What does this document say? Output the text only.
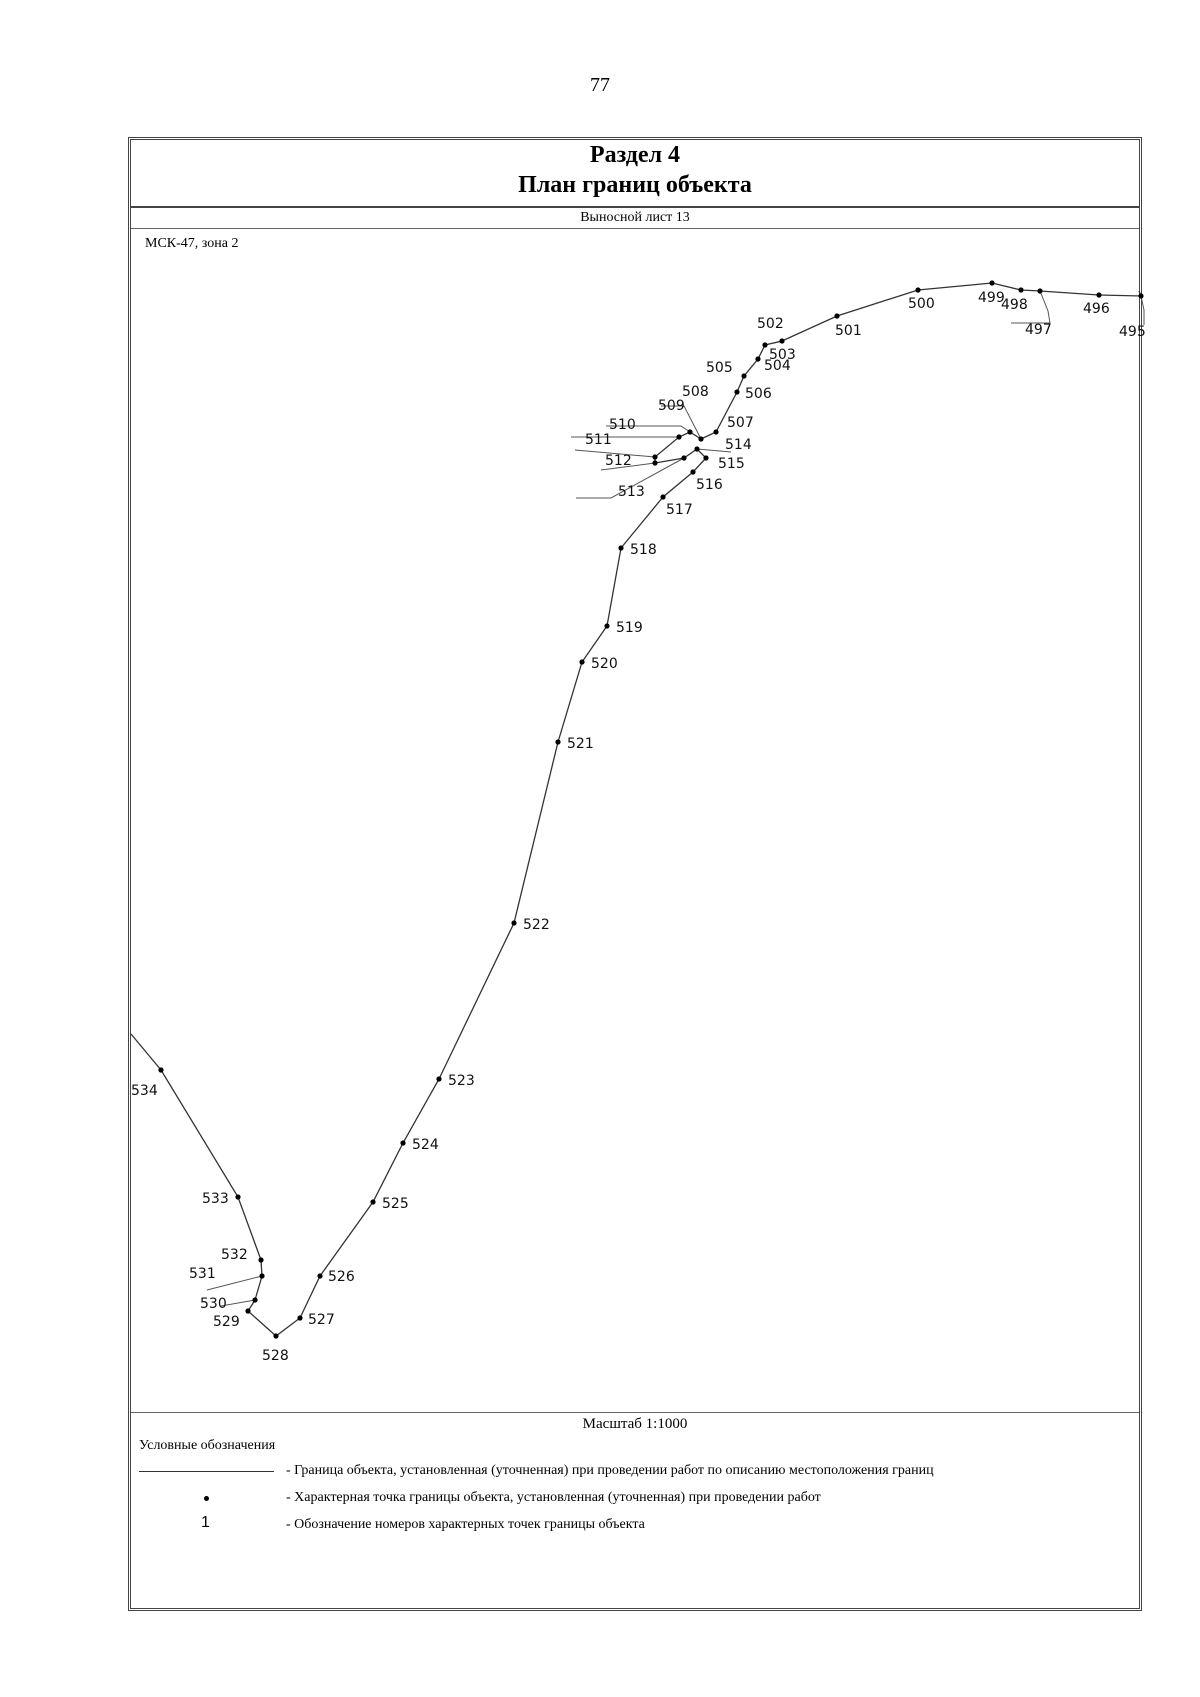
77
Раздел 4
План границ объекта
Выносной лист 13
МСК-47, зона 2
495
496
497
498
499
500
501
502
503
504
505
506
507
508
509
510
511
512
513
514
515
516
517
518
519
520
521
522
523
524
525
526
527
528
529
530
531
532
533
534
Масштаб 1:1000
Условные обозначения
- Граница объекта, установленная (уточненная) при проведении работ по описанию местоположения границ
- Характерная точка границы объекта, установленная (уточненная) при проведении работ
1	- Обозначение номеров характерных точек границы объекта
